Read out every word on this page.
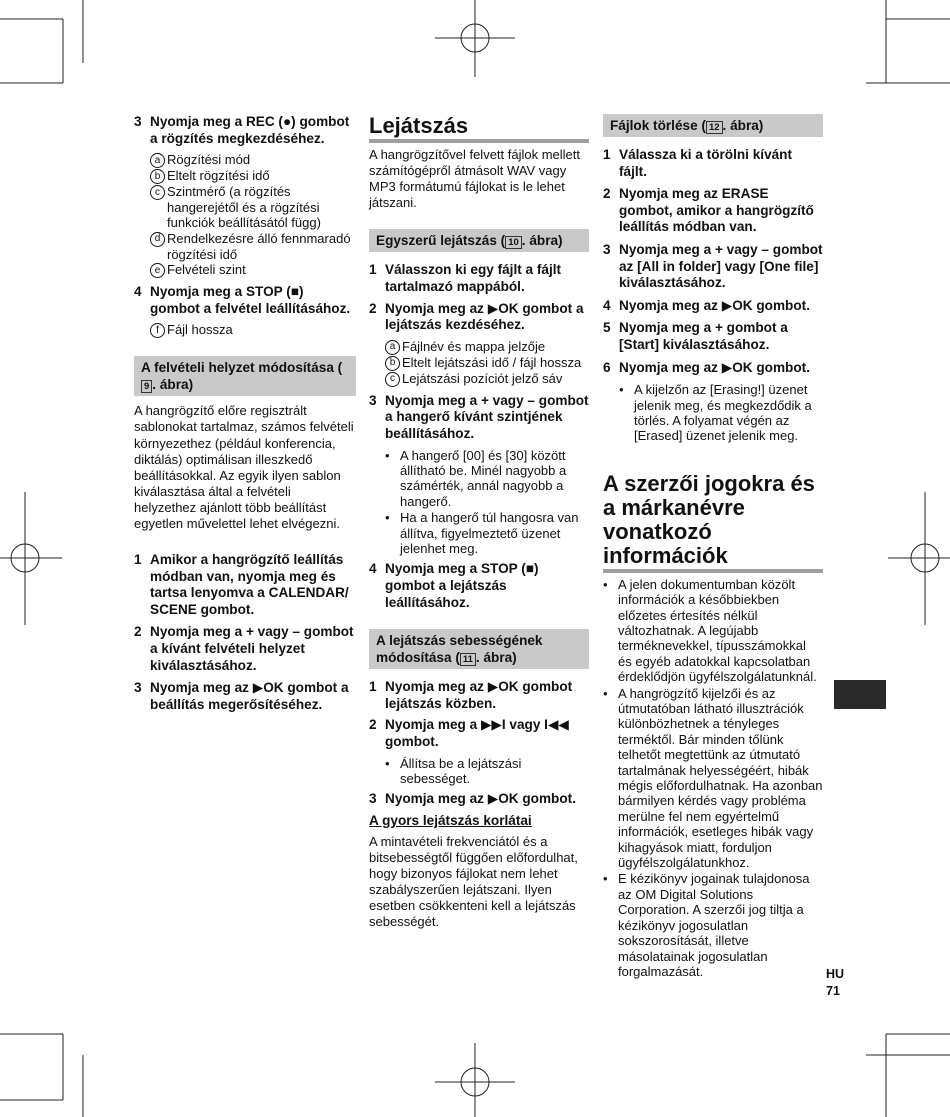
3 Nyomja meg a REC (●) gombot a rögzítés megkezdéséhez.
a Rögzítési mód
b Eltelt rögzítési idő
c Szintmérő (a rögzítés hangerejétől és a rögzítési funkciók beállításától függ)
d Rendelkezésre álló fennmaradó rögzítési idő
e Felvételi szint
4 Nyomja meg a STOP (■) gombot a felvétel leállításához.
f Fájl hossza
A felvételi helyzet módosítása (9 . ábra)
A hangrögzítő előre regisztrált sablonokat tartalmaz, számos felvételi környezethez (például konferencia, diktálás) optimálisan illeszkedő beállításokkal. Az egyik ilyen sablon kiválasztása által a felvételi helyzethez ajánlott több beállítást egyetlen művelettel lehet elvégezni.
1 Amikor a hangrögzítő leállítás módban van, nyomja meg és tartsa lenyomva a CALENDAR/ SCENE gombot.
2 Nyomja meg a + vagy – gombot a kívánt felvételi helyzet kiválasztásához.
3 Nyomja meg az ▶OK gombot a beállítás megerősítéséhez.
Lejátszás
A hangrögzítővel felvett fájlok mellett számítógépről átmásolt WAV vagy MP3 formátumú fájlokat is le lehet játszani.
Egyszerű lejátszás ( 10 . ábra)
1 Válasszon ki egy fájlt a fájlt tartalmazó mappából.
2 Nyomja meg az ▶OK gombot a lejátszás kezdéséhez.
a Fájlnév és mappa jelzője
b Eltelt lejátszási idő / fájl hossza
c Lejátszási pozíciót jelző sáv
3 Nyomja meg a + vagy – gombot a hangerő kívánt szintjének beállításához.
• A hangerő [00] és [30] között állítható be. Minél nagyobb a számérték, annál nagyobb a hangerő.
• Ha a hangerő túl hangosra van állítva, figyelmeztető üzenet jelenhet meg.
4 Nyomja meg a STOP (■) gombot a lejátszás leállításához.
A lejátszás sebességének módosítása ( 11 . ábra)
1 Nyomja meg az ▶OK gombot lejátszás közben.
2 Nyomja meg a ▶▶I vagy I◀◀ gombot.
• Állítsa be a lejátszási sebességet.
3 Nyomja meg az ▶OK gombot.
A gyors lejátszás korlátai
A mintavételi frekvenciától és a bitsebességtől függően előfordulhat, hogy bizonyos fájlokat nem lehet szabályszerűen lejátszani. Ilyen esetben csökkenteni kell a lejátszás sebességét.
Fájlok törlése ( 12 . ábra)
1 Válassza ki a törölni kívánt fájlt.
2 Nyomja meg az ERASE gombot, amikor a hangrögzítő leállítás módban van.
3 Nyomja meg a + vagy – gombot az [All in folder] vagy [One file] kiválasztásához.
4 Nyomja meg az ▶OK gombot.
5 Nyomja meg a + gombot a [Start] kiválasztásához.
6 Nyomja meg az ▶OK gombot.
• A kijelzőn az [Erasing!] üzenet jelenik meg, és megkezdődik a törlés. A folyamat végén az [Erased] üzenet jelenik meg.
A szerzői jogokra és a márkanévre vonatkozó információk
• A jelen dokumentumban közölt információk a későbbiekben előzetes értesítés nélkül változhatnak. A legújabb terméknevekkel, típusszámokkal és egyéb adatokkal kapcsolatban érdeklődjön ügyfélszolgálatunknál.
• A hangrögzítő kijelzői és az útmutatóban látható illusztrációk különbözhetnek a tényleges terméktől. Bár minden tőlünk telhetőt megtettünk az útmutató tartalmának helyességéért, hibák mégis előfordulhatnak. Ha azonban bármilyen kérdés vagy probléma merülne fel nem egyértelmű információk, esetleges hibák vagy kihagyások miatt, forduljon ügyfélszolgálatunkhoz.
• E kézikönyv jogainak tulajdonosa az OM Digital Solutions Corporation. A szerzői jog tiltja a kézikönyv jogosulatlan sokszorosítását, illetve másolatainak jogosulatlan forgalmazását.	HU
71
